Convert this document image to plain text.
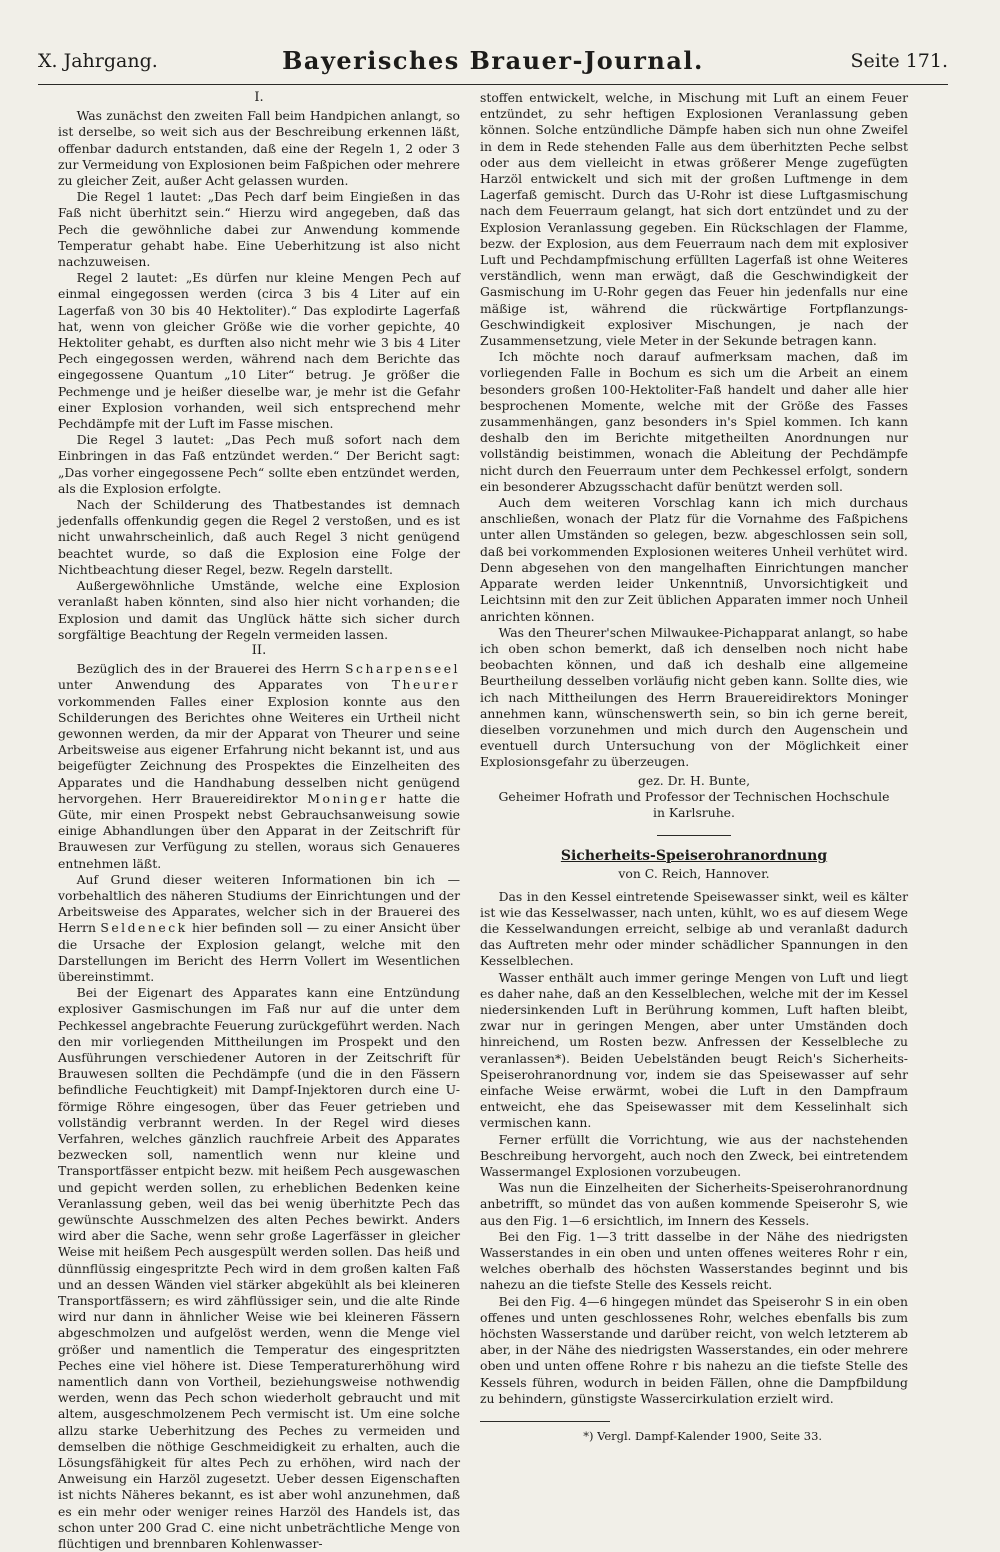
X. Jahrgang.	Bayerisches Brauer-Journal.	Seite 171.
I.

Was zunächst den zweiten Fall beim Handpichen anlangt, so ist derselbe, so weit sich aus der Beschreibung erkennen läßt, offenbar dadurch entstanden, daß eine der Regeln 1, 2 oder 3 zur Vermeidung von Explosionen beim Faßpichen oder mehrere zu gleicher Zeit, außer Acht gelassen wurden.

Die Regel 1 lautet: „Das Pech darf beim Eingießen in das Faß nicht überhitzt sein.“ Hierzu wird angegeben, daß das Pech die gewöhnliche dabei zur Anwendung kommende Temperatur gehabt habe. Eine Ueberhitzung ist also nicht nachzuweisen.

Regel 2 lautet: „Es dürfen nur kleine Mengen Pech auf einmal eingegossen werden (circa 3 bis 4 Liter auf ein Lagerfaß von 30 bis 40 Hektoliter).“ Das explodirte Lagerfaß hat, wenn von gleicher Größe wie die vorher gepichte, 40 Hektoliter gehabt, es durften also nicht mehr wie 3 bis 4 Liter Pech eingegossen werden, während nach dem Berichte das eingegossene Quantum „10 Liter“ betrug. Je größer die Pechmenge und je heißer dieselbe war, je mehr ist die Gefahr einer Explosion vorhanden, weil sich entsprechend mehr Pechdämpfe mit der Luft im Fasse mischen.

Die Regel 3 lautet: „Das Pech muß sofort nach dem Einbringen in das Faß entzündet werden.“ Der Bericht sagt: „Das vorher eingegossene Pech“ sollte eben entzündet werden, als die Explosion erfolgte.

Nach der Schilderung des Thatbestandes ist demnach jedenfalls offenkundig gegen die Regel 2 verstoßen, und es ist nicht unwahrscheinlich, daß auch Regel 3 nicht genügend beachtet wurde, so daß die Explosion eine Folge der Nichtbeachtung dieser Regel, bezw. Regeln darstellt.

Außergewöhnliche Umstände, welche eine Explosion veranlaßt haben könnten, sind also hier nicht vorhanden; die Explosion und damit das Unglück hätte sich sicher durch sorgfältige Beachtung der Regeln vermeiden lassen.

II.

Bezüglich des in der Brauerei des Herrn Scharpenseel unter Anwendung des Apparates von Theurer vorkommenden Falles einer Explosion konnte aus den Schilderungen des Berichtes ohne Weiteres ein Urtheil nicht gewonnen werden, da mir der Apparat von Theurer und seine Arbeitsweise aus eigener Erfahrung nicht bekannt ist, und aus beigefügter Zeichnung des Prospektes die Einzelheiten des Apparates und die Handhabung desselben nicht genügend hervorgehen. Herr Brauereidirektor Moninger hatte die Güte, mir einen Prospekt nebst Gebrauchsanweisung sowie einige Abhandlungen über den Apparat in der Zeitschrift für Brauwesen zur Verfügung zu stellen, woraus sich Genaueres entnehmen läßt.

Auf Grund dieser weiteren Informationen bin ich — vorbehaltlich des näheren Studiums der Einrichtungen und der Arbeitsweise des Apparates, welcher sich in der Brauerei des Herrn Seldeneck hier befinden soll — zu einer Ansicht über die Ursache der Explosion gelangt, welche mit den Darstellungen im Bericht des Herrn Vollert im Wesentlichen übereinstimmt.

Bei der Eigenart des Apparates kann eine Entzündung explosiver Gasmischungen im Faß nur auf die unter dem Pechkessel angebrachte Feuerung zurückgeführt werden. Nach den mir vorliegenden Mittheilungen im Prospekt und den Ausführungen verschiedener Autoren in der Zeitschrift für Brauwesen sollten die Pechdämpfe (und die in den Fässern befindliche Feuchtigkeit) mit Dampf-Injektoren durch eine U-förmige Röhre eingesogen, über das Feuer getrieben und vollständig verbrannt werden. In der Regel wird dieses Verfahren, welches gänzlich rauchfreie Arbeit des Apparates bezwecken soll, namentlich wenn nur kleine und Transportfässer entpicht bezw. mit heißem Pech ausgewaschen und gepicht werden sollen, zu erheblichen Bedenken keine Veranlassung geben, weil das bei wenig überhitzte Pech das gewünschte Ausschmelzen des alten Peches bewirkt. Anders wird aber die Sache, wenn sehr große Lagerfässer in gleicher Weise mit heißem Pech ausgespült werden sollen. Das heiß und dünnflüssig eingespritzte Pech wird in dem großen kalten Faß und an dessen Wänden viel stärker abgekühlt als bei kleineren Transportfässern; es wird zähflüssiger sein, und die alte Rinde wird nur dann in ähnlicher Weise wie bei kleineren Fässern abgeschmolzen und aufgelöst werden, wenn die Menge viel größer und namentlich die Temperatur des eingespritzten Peches eine viel höhere ist. Diese Temperaturerhöhung wird namentlich dann von Vortheil, beziehungsweise nothwendig werden, wenn das Pech schon wiederholt gebraucht und mit altem, ausgeschmolzenem Pech vermischt ist. Um eine solche allzu starke Ueberhitzung des Peches zu vermeiden und demselben die nöthige Geschmeidigkeit zu erhalten, auch die Lösungsfähigkeit für altes Pech zu erhöhen, wird nach der Anweisung ein Harzöl zugesetzt. Ueber dessen Eigenschaften ist nichts Näheres bekannt, es ist aber wohl anzunehmen, daß es ein mehr oder weniger reines Harzöl des Handels ist, das schon unter 200 Grad C. eine nicht unbeträchtliche Menge von flüchtigen und brennbaren Kohlenwasser-

stoffen entwickelt, welche, in Mischung mit Luft an einem Feuer entzündet, zu sehr heftigen Explosionen Veranlassung geben können. Solche entzündliche Dämpfe haben sich nun ohne Zweifel in dem in Rede stehenden Falle aus dem überhitzten Peche selbst oder aus dem vielleicht in etwas größerer Menge zugefügten Harzöl entwickelt und sich mit der großen Luftmenge in dem Lagerfaß gemischt. Durch das U-Rohr ist diese Luftgasmischung nach dem Feuerraum gelangt, hat sich dort entzündet und zu der Explosion Veranlassung gegeben. Ein Rückschlagen der Flamme, bezw. der Explosion, aus dem Feuerraum nach dem mit explosiver Luft und Pechdampfmischung erfüllten Lagerfaß ist ohne Weiteres verständlich, wenn man erwägt, daß die Geschwindigkeit der Gasmischung im U-Rohr gegen das Feuer hin jedenfalls nur eine mäßige ist, während die rückwärtige Fortpflanzungs-Geschwindigkeit explosiver Mischungen, je nach der Zusammensetzung, viele Meter in der Sekunde betragen kann.

Ich möchte noch darauf aufmerksam machen, daß im vorliegenden Falle in Bochum es sich um die Arbeit an einem besonders großen 100-Hektoliter-Faß handelt und daher alle hier besprochenen Momente, welche mit der Größe des Fasses zusammenhängen, ganz besonders in's Spiel kommen. Ich kann deshalb den im Berichte mitgetheilten Anordnungen nur vollständig beistimmen, wonach die Ableitung der Pechdämpfe nicht durch den Feuerraum unter dem Pechkessel erfolgt, sondern ein besonderer Abzugsschacht dafür benützt werden soll.

Auch dem weiteren Vorschlag kann ich mich durchaus anschließen, wonach der Platz für die Vornahme des Faßpichens unter allen Umständen so gelegen, bezw. abgeschlossen sein soll, daß bei vorkommenden Explosionen weiteres Unheil verhütet wird. Denn abgesehen von den mangelhaften Einrichtungen mancher Apparate werden leider Unkenntniß, Unvorsichtigkeit und Leichtsinn mit den zur Zeit üblichen Apparaten immer noch Unheil anrichten können.

Was den Theurer'schen Milwaukee-Pichapparat anlangt, so habe ich oben schon bemerkt, daß ich denselben noch nicht habe beobachten können, und daß ich deshalb eine allgemeine Beurtheilung desselben vorläufig nicht geben kann. Sollte dies, wie ich nach Mittheilungen des Herrn Brauereidirektors Moninger annehmen kann, wünschenswerth sein, so bin ich gerne bereit, dieselben vorzunehmen und mich durch den Augenschein und eventuell durch Untersuchung von der Möglichkeit einer Explosionsgefahr zu überzeugen.

gez. Dr. H. Bunte,
Geheimer Hofrath und Professor der Technischen Hochschule
in Karlsruhe.
Sicherheits-Speiserohranordnung
von C. Reich, Hannover.

Das in den Kessel eintretende Speisewasser sinkt, weil es kälter ist wie das Kesselwasser, nach unten, kühlt, wo es auf diesem Wege die Kesselwandungen erreicht, selbige ab und veranlaßt dadurch das Auftreten mehr oder minder schädlicher Spannungen in den Kesselblechen.

Wasser enthält auch immer geringe Mengen von Luft und liegt es daher nahe, daß an den Kesselblechen, welche mit der im Kessel niedersinkenden Luft in Berührung kommen, Luft haften bleibt, zwar nur in geringen Mengen, aber unter Umständen doch hinreichend, um Rosten bezw. Anfressen der Kesselbleche zu veranlassen*). Beiden Uebelständen beugt Reich's Sicherheits-Speiserohranordnung vor, indem sie das Speisewasser auf sehr einfache Weise erwärmt, wobei die Luft in den Dampfraum entweicht, ehe das Speisewasser mit dem Kesselinhalt sich vermischen kann.

Ferner erfüllt die Vorrichtung, wie aus der nachstehenden Beschreibung hervorgeht, auch noch den Zweck, bei eintretendem Wassermangel Explosionen vorzubeugen.

Was nun die Einzelheiten der Sicherheits-Speiserohranordnung anbetrifft, so mündet das von außen kommende Speiserohr S, wie aus den Fig. 1—6 ersichtlich, im Innern des Kessels.

Bei den Fig. 1—3 tritt dasselbe in der Nähe des niedrigsten Wasserstandes in ein oben und unten offenes weiteres Rohr r ein, welches oberhalb des höchsten Wasserstandes beginnt und bis nahezu an die tiefste Stelle des Kessels reicht.

Bei den Fig. 4—6 hingegen mündet das Speiserohr S in ein oben offenes und unten geschlossenes Rohr, welches ebenfalls bis zum höchsten Wasserstande und darüber reicht, von welch letzterem ab aber, in der Nähe des niedrigsten Wasserstandes, ein oder mehrere oben und unten offene Rohre r bis nahezu an die tiefste Stelle des Kessels führen, wodurch in beiden Fällen, ohne die Dampfbildung zu behindern, günstigste Wassercirkulation erzielt wird.

*) Vergl. Dampf-Kalender 1900, Seite 33.
